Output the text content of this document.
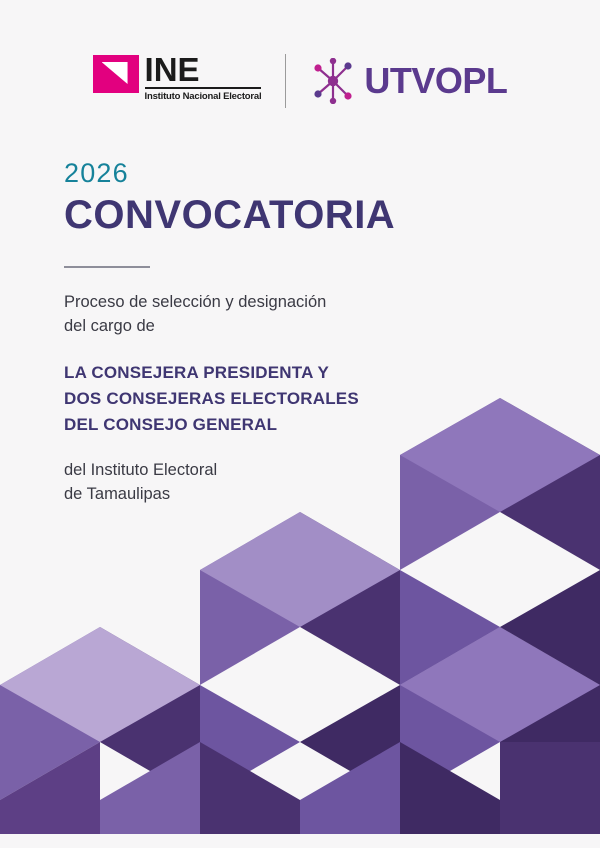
INE
Instituto Nacional Electoral	UTVOPL
2026
CONVOCATORIA
Proceso de selección y designación
del cargo de
LA CONSEJERA PRESIDENTA Y
DOS CONSEJERAS ELECTORALES
DEL CONSEJO GENERAL
del Instituto Electoral
de Tamaulipas
